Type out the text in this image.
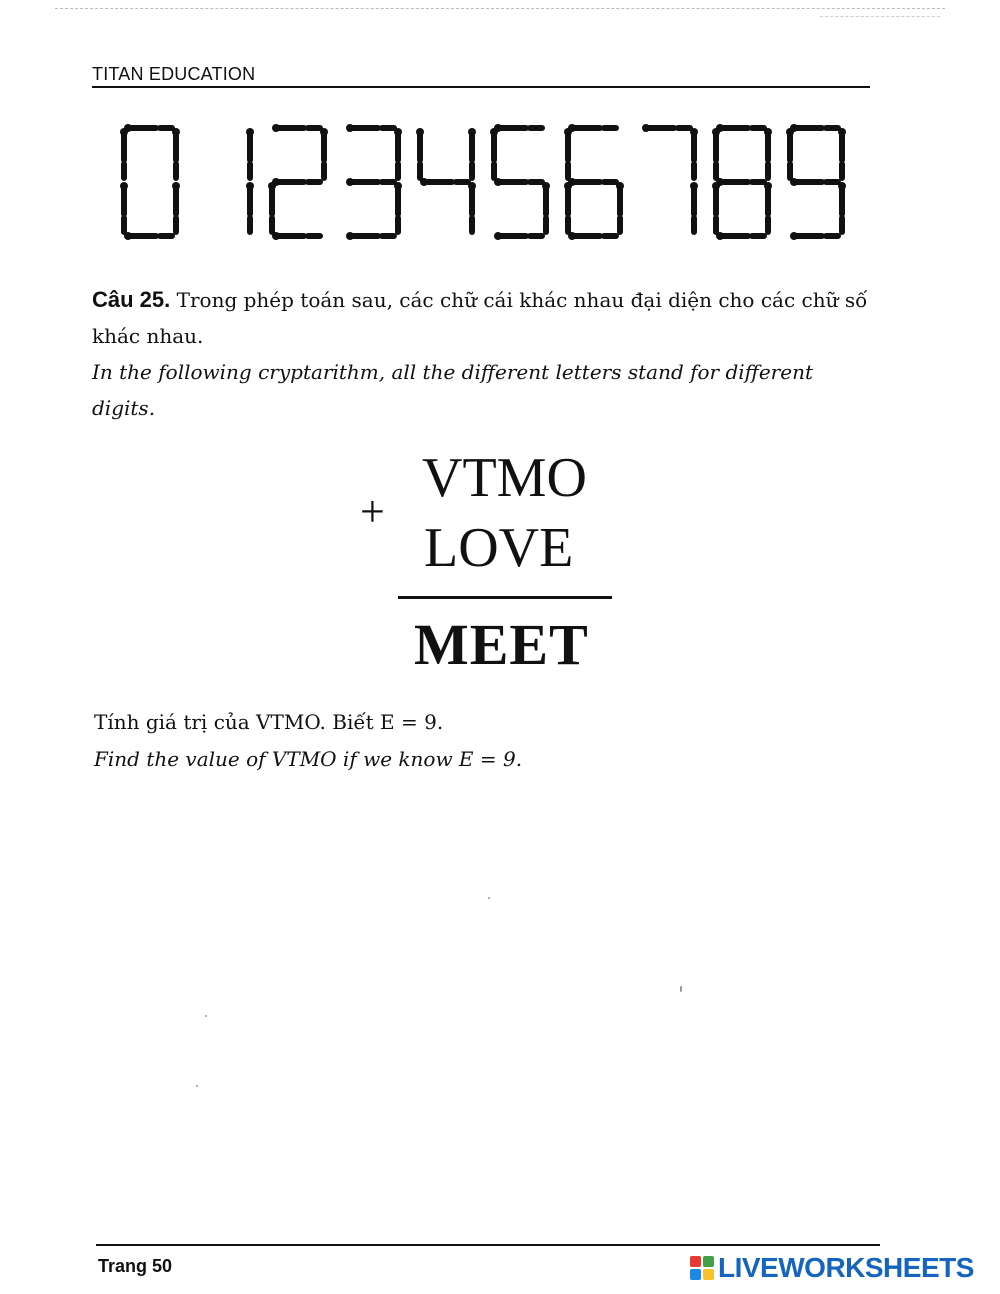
TITAN EDUCATION
Câu 25. Trong phép toán sau, các chữ cái khác nhau đại diện cho các chữ số khác nhau.
In the following cryptarithm, all the different letters stand for different digits.
+
VTMO
LOVE
MEET
Tính giá trị của VTMO. Biết E = 9.
Find the value of VTMO if we know E = 9.
Trang 50	LIVEWORKSHEETS
